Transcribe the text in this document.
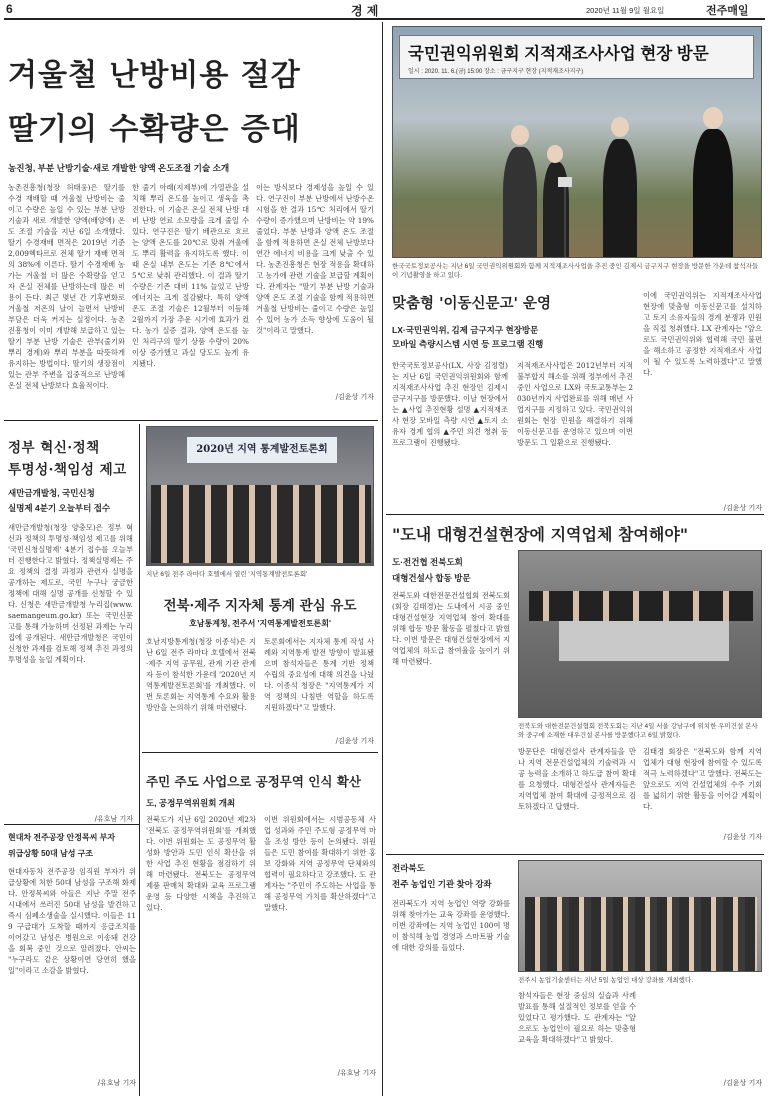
6	경 제	2020년 11월 9일 월요일	전주매일
겨울철 난방비용 절감
딸기의 수확량은 증대
농진청, 부분 난방기술·새로 개발한 양액 온도조절 기술 소개
농촌진흥청(청장 허태웅)은 딸기를 수경 재배할 때 겨울철 난방비는 줄이고 수량은 높일 수 있는 부분 난방 기술과 새로 개발한 양액(배양액) 온도 조절 기술을 지난 6일 소개했다. 딸기 수경재배 면적은 2019년 기준 2,009헥타르로 전체 딸기 재배 면적의 38%에 이른다. 딸기 수경재배 농가는 겨울철 더 많은 수확량을 얻고자 온실 전체를 난방하는데 많은 비용이 든다. 최근 몇년 간 기후변화로 겨울철 저온의 날이 늘면서 난방비 부담은 더욱 커지는 실정이다. 농촌진흥청이 이미 개발해 보급하고 있는 딸기 부분 난방 기술은 관부(줄기와 뿌리 경계)와 뿌리 부분을 따뜻하게 유지하는 방법이다. 딸기의 생장점이 있는 관부 주변을 집중적으로 난방해 온실 전체 난방보다 효율적이다.
한 줄기 아래(지제부)에 가열관을 설치해 뿌리 온도를 높이고 생육을 촉진한다. 이 기술은 온실 전체 난방 대비 난방 연료 소모량을 크게 줄일 수 있다. 연구진은 딸기 배관으로 흐르는 양액 온도를 20℃로 맞춰 겨울에도 뿌리 활력을 유지하도록 했다. 이때 온실 내부 온도는 기존 8℃에서 5℃로 낮춰 관리했다. 이 결과 딸기 수량은 기존 대비 11% 늘었고 난방 에너지는 크게 절감됐다. 특히 양액 온도 조절 기술은 12월부터 이듬해 2월까지 가장 추운 시기에 효과가 컸다. 농가 실증 결과, 양액 온도를 높인 처리구의 딸기 상품 수량이 20% 이상 증가했고 과실 당도도 높게 유지됐다.
이는 방식보다 경제성을 높일 수 있다. 연구진이 부분 난방에서 난방수온 시험을 한 결과 15℃ 처리에서 딸기 수량이 증가했으며 난방비는 약 19% 줄었다. 부분 난방과 양액 온도 조절을 함께 적용하면 온실 전체 난방보다 연간 에너지 비용을 크게 낮출 수 있다. 농촌진흥청은 현장 적용을 확대하고 농가에 관련 기술을 보급할 계획이다. 관계자는 "딸기 부분 난방 기술과 양액 온도 조절 기술을 함께 적용하면 겨울철 난방비는 줄이고 수량은 높일 수 있어 농가 소득 향상에 도움이 될 것"이라고 말했다.
/김윤상 기자
국민권익위원회 지적재조사사업 현장 방문
일시 : 2020. 11. 6.(금) 15:00 장소 : 금구지구 현장 (지적재조사지구)
한국국토정보공사는 지난 6일 국민권익위원회와 함께 지적재조사사업을 추진 중인 김제시 금구지구 현장을 방문한 가운데 참석자들이 기념촬영을 하고 있다.
맞춤형 '이동신문고' 운영
LX·국민권익위, 김제 금구지구 현장방문
모바일 측량시스템 시연 등 프로그램 진행
한국국토정보공사(LX, 사장 김정렬)는 지난 6일 국민권익위원회와 함께 지적재조사사업 추진 현장인 김제시 금구지구를 방문했다. 이날 현장에서는 ▲사업 추진현황 설명 ▲지적재조사 현장 모바일 측량 시연 ▲토지 소유자 경계 협의 ▲주민 의견 청취 등 프로그램이 진행됐다.
지적재조사사업은 2012년부터 지적불부합지 해소를 위해 정부에서 추진 중인 사업으로 LX와 국토교통부는 2030년까지 사업완료를 위해 매년 사업지구를 지정하고 있다. 국민권익위원회는 현장 민원을 해결하기 위해 이동신문고를 운영하고 있으며 이번 방문도 그 일환으로 진행됐다.
이에 국민권익위는 지적재조사사업 현장에 맞춤형 이동신문고를 설치하고 토지 소유자들의 경계 분쟁과 민원을 직접 청취했다. LX 관계자는 "앞으로도 국민권익위와 협력해 국민 불편을 해소하고 공정한 지적재조사 사업이 될 수 있도록 노력하겠다"고 말했다.
/김윤상 기자
정부 혁신·정책
투명성·책임성 제고
새만금개발청, 국민신청
실명제 4분기 오늘부터 접수
새만금개발청(청장 양충모)은 정부 혁신과 정책의 투명성·책임성 제고를 위해 '국민신청실명제' 4분기 접수를 오늘부터 진행한다고 밝혔다. 정책실명제는 주요 정책의 결정 과정과 관련자 실명을 공개하는 제도로, 국민 누구나 궁금한 정책에 대해 실명 공개를 신청할 수 있다. 신청은 새만금개발청 누리집(www.saemangeum.go.kr) 또는 국민신문고를 통해 가능하며 선정된 과제는 누리집에 공개된다. 새만금개발청은 국민이 신청한 과제를 검토해 정책 추진 과정의 투명성을 높일 계획이다.
/유호남 기자
2020년 지역 통계발전토론회
지난 6일 전주 라마다 호텔에서 열린 '지역통계발전토론회'
전북·제주 지자체 통계 관심 유도
호남통계청, 전주서 '지역통계발전토론회'
호남지방통계청(청장 이종석)은 지난 6일 전주 라마다 호텔에서 전북·제주 지역 공무원, 관계 기관 관계자 등이 참석한 가운데 '2020년 지역통계발전토론회'를 개최했다. 이번 토론회는 지역통계 수요와 활용 방안을 논의하기 위해 마련됐다.
토론회에서는 지자체 통계 작성 사례와 지역통계 발전 방향이 발표됐으며 참석자들은 통계 기반 정책 수립의 중요성에 대해 의견을 나눴다. 이종석 청장은 "지역통계가 지역 정책의 나침반 역할을 하도록 지원하겠다"고 말했다.
/김윤상 기자
주민 주도 사업으로 공정무역 인식 확산
도, 공정무역위원회 개최
전북도가 지난 6일 2020년 제2차 '전북도 공정무역위원회'를 개최했다. 이번 위원회는 도 공정무역 활성화 방안과 도민 인식 확산을 위한 사업 추진 현황을 점검하기 위해 마련됐다. 전북도는 공정무역 제품 판매처 확대와 교육 프로그램 운영 등 다양한 시책을 추진하고 있다.
이번 위원회에서는 시범공동체 사업 성과와 주민 주도형 공정무역 마을 조성 방안 등이 논의됐다. 위원들은 도민 참여를 확대하기 위한 홍보 강화와 지역 공정무역 단체와의 협력이 필요하다고 강조했다. 도 관계자는 "주민이 주도하는 사업을 통해 공정무역 가치를 확산하겠다"고 말했다.
/유호남 기자
현대차 전주공장 안정목씨 부자
위급상황 50대 남성 구조
현대자동차 전주공장 임직원 부자가 위급상황에 처한 50대 남성을 구조해 화제다. 안정목씨와 아들은 지난 주말 전주 시내에서 쓰러진 50대 남성을 발견하고 즉시 심폐소생술을 실시했다. 이들은 119 구급대가 도착할 때까지 응급조치를 이어갔고 남성은 병원으로 이송돼 건강을 회복 중인 것으로 알려졌다. 안씨는 "누구라도 같은 상황이면 당연히 했을 일"이라고 소감을 밝혔다.
/유호남 기자
"도내 대형건설현장에 지역업체 참여해야"
도·전건협 전북도회
대형건설사 합동 방문
전북도와 대한전문건설협회 전북도회(회장 김태경)는 도내에서 시공 중인 대형건설현장 지역업체 참여 확대를 위해 합동 방문 활동을 펼쳤다고 밝혔다. 이번 방문은 대형건설현장에서 지역업체의 하도급 참여율을 높이기 위해 마련됐다.
전북도와 대한전문건설협회 전북도회는 지난 4일 서울 강남구에 위치한 우미건설 본사와 중구에 소재한 대우건설 본사를 방문했다고 6일 밝혔다.
방문단은 대형건설사 관계자들을 만나 지역 전문건설업체의 기술력과 시공 능력을 소개하고 하도급 참여 확대를 요청했다. 대형건설사 관계자들은 지역업체 참여 확대에 긍정적으로 검토하겠다고 답했다.
김태경 회장은 "전북도와 함께 지역 업체가 대형 현장에 참여할 수 있도록 적극 노력하겠다"고 말했다. 전북도는 앞으로도 지역 건설업체의 수주 기회를 넓히기 위한 활동을 이어갈 계획이다.
/김윤상 기자
전라북도
전주 농업인 기관 찾아 강좌
전주시 농업기술센터는 지난 5일 농업인 대상 강좌를 개최했다.
전라북도가 지역 농업인 역량 강화를 위해 찾아가는 교육 강좌를 운영했다. 이번 강좌에는 지역 농업인 100여 명이 참석해 농업 경영과 스마트팜 기술에 대한 강의를 들었다.
참석자들은 현장 중심의 실습과 사례 발표를 통해 실질적인 정보를 얻을 수 있었다고 평가했다. 도 관계자는 "앞으로도 농업인이 필요로 하는 맞춤형 교육을 확대하겠다"고 밝혔다.
/김윤상 기자
